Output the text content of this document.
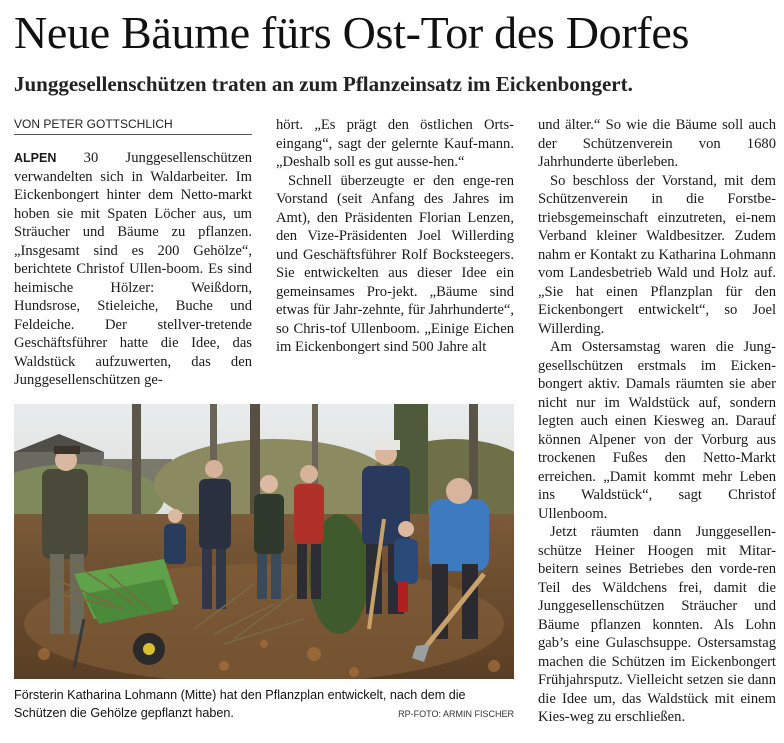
Neue Bäume fürs Ost-Tor des Dorfes
Junggesellenschützen traten an zum Pflanzeinsatz im Eickenbongert.
VON PETER GOTTSCHLICH

ALPEN 30 Junggesellenschützen verwandelten sich in Waldarbeiter. Im Eickenbongert hinter dem Netto-markt hoben sie mit Spaten Löcher aus, um Sträucher und Bäume zu pflanzen. „Insgesamt sind es 200 Gehölze“, berichtete Christof Ullen-boom. Es sind heimische Hölzer: Weißdorn, Hundsrose, Stieleiche, Buche und Feldeiche. Der stellver-tretende Geschäftsführer hatte die Idee, das Waldstück aufzuwerten, das den Junggesellenschützen ge-

hört. „Es prägt den östlichen Orts-eingang“, sagt der gelernte Kauf-mann. „Deshalb soll es gut ausse-hen.“

Schnell überzeugte er den enge-ren Vorstand (seit Anfang des Jahres im Amt), den Präsidenten Florian Lenzen, den Vize-Präsidenten Joel Willerding und Geschäftsführer Rolf Bocksteegers. Sie entwickelten aus dieser Idee ein gemeinsames Pro-jekt. „Bäume sind etwas für Jahr-zehnte, für Jahrhunderte“, so Chris-tof Ullenboom. „Einige Eichen im Eickenbongert sind 500 Jahre alt

und älter.“ So wie die Bäume soll auch der Schützenverein von 1680 Jahrhunderte überleben.

So beschloss der Vorstand, mit dem Schützenverein in die Forstbe-triebsgemeinschaft einzutreten, ei-nem Verband kleiner Waldbesitzer. Zudem nahm er Kontakt zu Katharina Lohmann vom Landesbetrieb Wald und Holz auf. „Sie hat einen Pflanzplan für den Eickenbongert entwickelt“, so Joel Willerding.

Am Ostersamstag waren die Jung-gesellschützen erstmals im Eicken-bongert aktiv. Damals räumten sie aber nicht nur im Waldstück auf, sondern legten auch einen Kiesweg an. Darauf können Alpener von der Vorburg aus trockenen Fußes den Netto-Markt erreichen. „Damit kommt mehr Leben ins Waldstück“, sagt Christof Ullenboom.

Jetzt räumten dann Junggesellen-schütze Heiner Hoogen mit Mitar-beitern seines Betriebes den vorde-ren Teil des Wäldchens frei, damit die Junggesellenschützen Sträucher und Bäume pflanzen konnten. Als Lohn gab’s eine Gulaschsuppe. Ostersamstag machen die Schützen im Eickenbongert Frühjahrsputz. Vielleicht setzen sie dann die Idee um, das Waldstück mit einem Kies-weg zu erschließen.

Försterin Katharina Lohmann (Mitte) hat den Pflanzplan entwickelt, nach dem die Schützen die Gehölze gepflanzt haben.	RP-FOTO: ARMIN FISCHER
